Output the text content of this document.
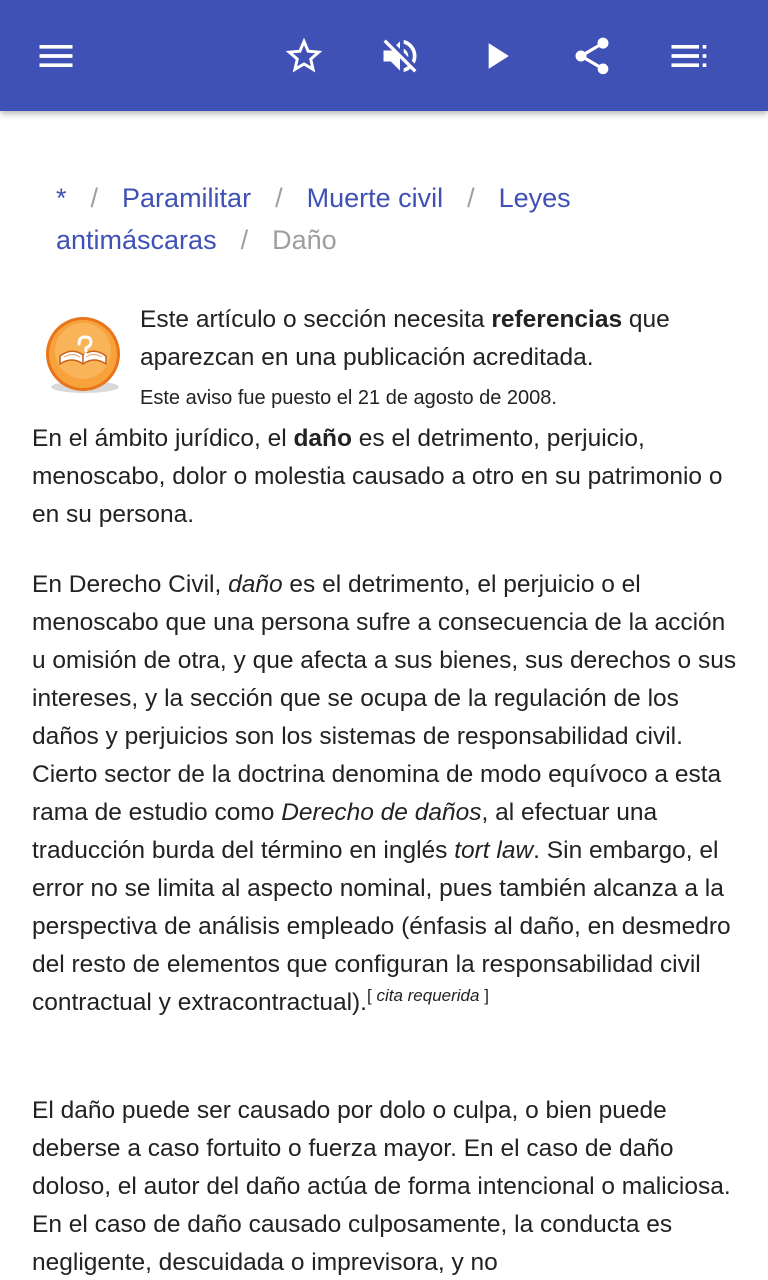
* / Paramilitar / Muerte civil / Leyes antimáscaras / Daño
Este artículo o sección necesita referencias que aparezcan en una publicación acreditada.
Este aviso fue puesto el 21 de agosto de 2008.
En el ámbito jurídico, el daño es el detrimento, perjuicio, menoscabo, dolor o molestia causado a otro en su patrimonio o en su persona.
En Derecho Civil, daño es el detrimento, el perjuicio o el menoscabo que una persona sufre a consecuencia de la acción u omisión de otra, y que afecta a sus bienes, sus derechos o sus intereses, y la sección que se ocupa de la regulación de los daños y perjuicios son los sistemas de responsabilidad civil. Cierto sector de la doctrina denomina de modo equívoco a esta rama de estudio como Derecho de daños, al efectuar una traducción burda del término en inglés tort law. Sin embargo, el error no se limita al aspecto nominal, pues también alcanza a la perspectiva de análisis empleado (énfasis al daño, en desmedro del resto de elementos que configuran la responsabilidad civil contractual y extracontractual).[ cita requerida ]
El daño puede ser causado por dolo o culpa, o bien puede deberse a caso fortuito o fuerza mayor. En el caso de daño doloso, el autor del daño actúa de forma intencional o maliciosa. En el caso de daño causado culposamente, la conducta es negligente, descuidada o imprevisora, y no
